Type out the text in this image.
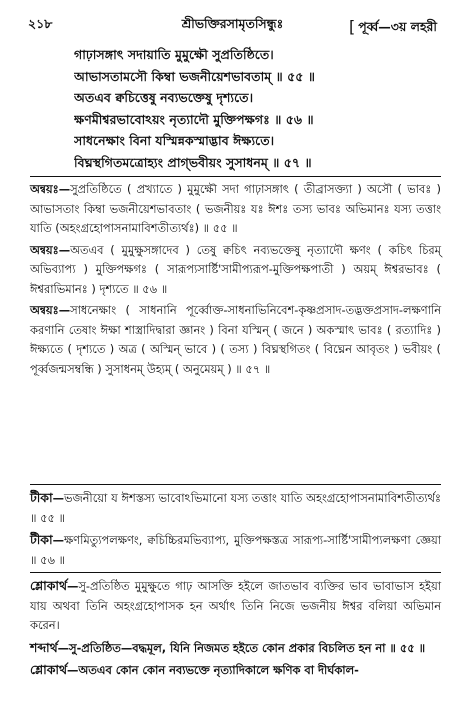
২১৮	শ্রীভক্তিরসামৃতসিন্ধুঃ	[ পূর্ব্ব—৩য় লহরী
গাঢ়াসঙ্গাৎ সদায়াতি মুমুক্ষৌ সুপ্রতিষ্ঠিতে।
আভাসতামসৌ কিম্বা ভজনীয়েশভাবতাম্ ॥ ৫৫ ॥
অতএব ক্বচিত্তেষু নব্যভক্তেষু দৃশ্যতে।
ক্ষণমীশ্বরভাবোঽয়ং নৃত্যাদৌ মুক্তিপক্ষগঃ ॥ ৫৬ ॥
সাধনেক্ষাং বিনা যস্মিন্নকস্মাদ্ভাব ঈক্ষ্যতে।
বিঘ্নস্থগিতমত্রোহ্যং প্রাগ্ভবীয়ং সুসাধনম্ ॥ ৫৭ ॥

অন্বয়ঃ—সুপ্রতিষ্ঠিতে ( প্রখ্যাতে ) মুমুক্ষৌ সদা গাঢ়াসঙ্গাৎ ( তীব্রাসক্ত্যা ) অসৌ ( ভাবঃ ) আভাসতাং কিম্বা ভজনীয়েশভাবতাং ( ভজনীয়ঃ যঃ ঈশঃ তস্য ভাবঃ অভিমানঃ যস্য তত্তাং যাতি (অহংগ্রহোপাসনামাবিশতীত্যর্থঃ) ॥ ৫৫ ॥

অন্বয়ঃ—অতএব ( মুমুক্ষুসঙ্গাদেব ) তেষু ক্বচিৎ নব্যভক্তেষু নৃত্যাদৌ ক্ষণং ( কচিৎ চিরম্ অভিব্যাপ্য ) মুক্তিপক্ষগঃ ( সারূপ্যসার্ষ্টি'সামীপ্যরূপ-মুক্তিপক্ষপাতী ) অয়ম্ ঈশ্বরভাবঃ ( ঈশ্বরাভিমানঃ ) দৃশ্যতে ॥ ৫৬ ॥

অন্বয়ঃ—সাধনেক্ষাং ( সাধনানি পূর্ব্বোক্ত-সাধনাভিনিবেশ-কৃষ্ণপ্রসাদ-তদ্ভক্তপ্রসাদ-লক্ষণানি করণানি তেষাং ঈক্ষা শাস্ত্রাদিদ্বারা জ্ঞানং ) বিনা যস্মিন্ ( জনে ) অকস্মাৎ ভাবঃ ( রত্যাদিঃ ) ঈক্ষ্যতে ( দৃশ্যতে ) অত্র ( অস্মিন্ ভাবে ) ( তস্য ) বিঘ্নস্থগিতং ( বিঘ্নেন আবৃতং ) ভবীয়ং ( পূর্ব্বজন্মসম্বন্ধি ) সুসাধনম্ উহ্যম্ ( অনুমেয়ম্ ) ॥ ৫৭ ॥

টীকা—ভজনীয়ো য ঈশস্তস্য ভাবোঽভিমানো যস্য তত্তাং যাতি অহংগ্রহোপাসনামাবিশতীত্যর্থঃ ॥ ৫৫ ॥

টীকা—ক্ষণমিত্যুপলক্ষণং, ক্বচিচ্চিরমভিব্যাপ্য, মুক্তিপক্ষস্তত্র সারূপ্য-সার্ষ্টি'সামীপ্যলক্ষণা জ্ঞেয়া ॥ ৫৬ ॥

শ্লোকার্থ—সু-প্রতিষ্ঠিত মুমুক্ষুতে গাঢ় আসক্তি হইলে জাতভাব ব্যক্তির ভাব ভাবাভাস হইয়া যায় অথবা তিনি অহংগ্রহোপাসক হন অর্থাৎ তিনি নিজে ভজনীয় ঈশ্বর বলিয়া অভিমান করেন।

শব্দার্থ—সু-প্রতিষ্ঠিত—বদ্ধমূল, যিনি নিজমত হইতে কোন প্রকার বিচলিত হন না ॥ ৫৫ ॥

শ্লোকার্থ—অতএব কোন কোন নব্যভক্তে নৃত্যাদিকালে ক্ষণিক বা দীর্ঘকাল-
